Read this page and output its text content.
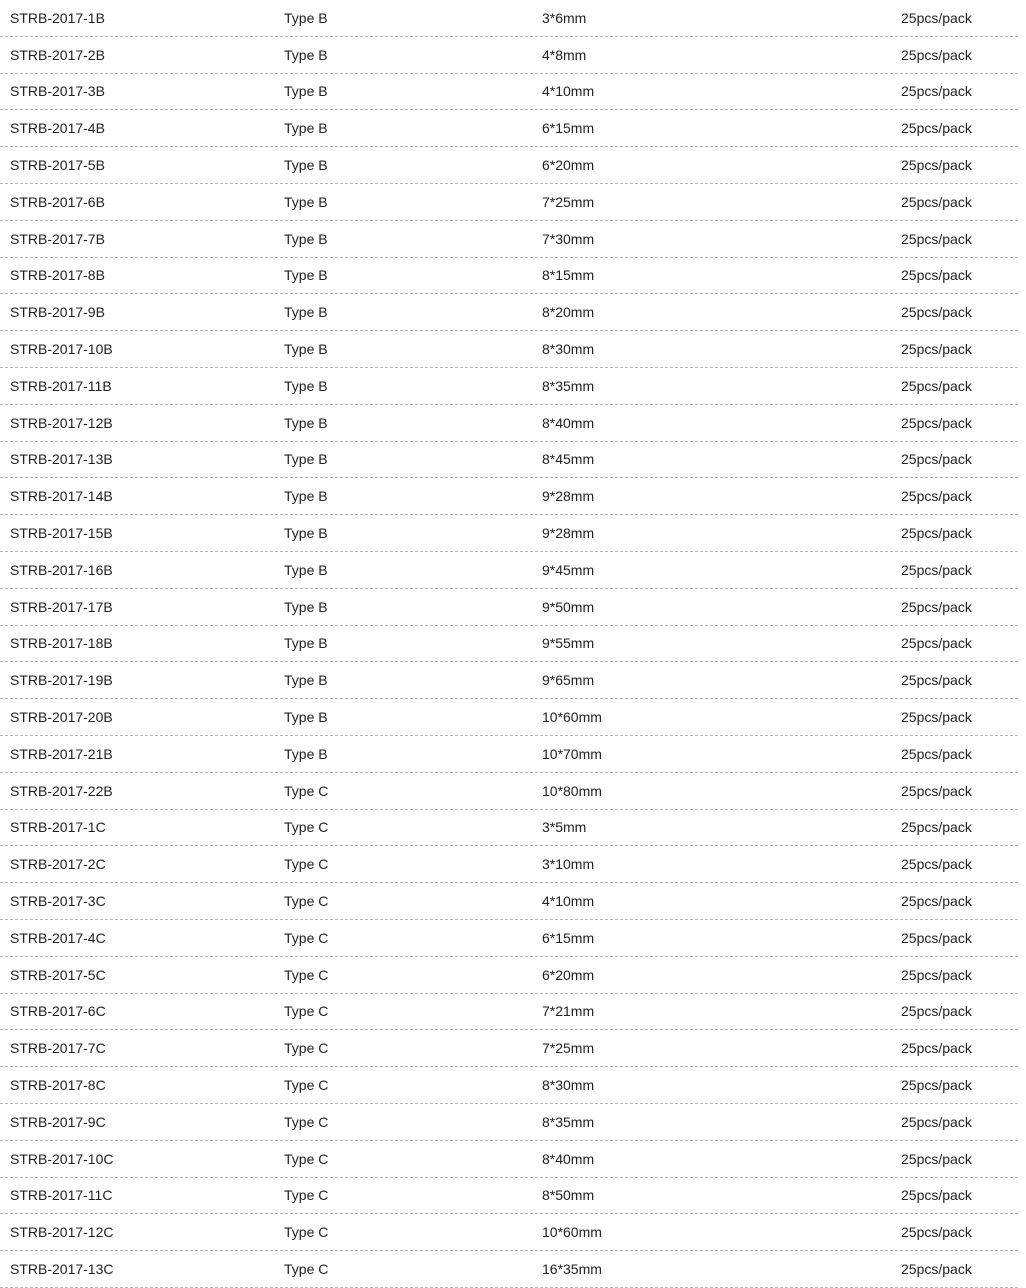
STRB-2017-1B	Type B	3*6mm	25pcs/pack
STRB-2017-2B	Type B	4*8mm	25pcs/pack
STRB-2017-3B	Type B	4*10mm	25pcs/pack
STRB-2017-4B	Type B	6*15mm	25pcs/pack
STRB-2017-5B	Type B	6*20mm	25pcs/pack
STRB-2017-6B	Type B	7*25mm	25pcs/pack
STRB-2017-7B	Type B	7*30mm	25pcs/pack
STRB-2017-8B	Type B	8*15mm	25pcs/pack
STRB-2017-9B	Type B	8*20mm	25pcs/pack
STRB-2017-10B	Type B	8*30mm	25pcs/pack
STRB-2017-11B	Type B	8*35mm	25pcs/pack
STRB-2017-12B	Type B	8*40mm	25pcs/pack
STRB-2017-13B	Type B	8*45mm	25pcs/pack
STRB-2017-14B	Type B	9*28mm	25pcs/pack
STRB-2017-15B	Type B	9*28mm	25pcs/pack
STRB-2017-16B	Type B	9*45mm	25pcs/pack
STRB-2017-17B	Type B	9*50mm	25pcs/pack
STRB-2017-18B	Type B	9*55mm	25pcs/pack
STRB-2017-19B	Type B	9*65mm	25pcs/pack
STRB-2017-20B	Type B	10*60mm	25pcs/pack
STRB-2017-21B	Type B	10*70mm	25pcs/pack
STRB-2017-22B	Type C	10*80mm	25pcs/pack
STRB-2017-1C	Type C	3*5mm	25pcs/pack
STRB-2017-2C	Type C	3*10mm	25pcs/pack
STRB-2017-3C	Type C	4*10mm	25pcs/pack
STRB-2017-4C	Type C	6*15mm	25pcs/pack
STRB-2017-5C	Type C	6*20mm	25pcs/pack
STRB-2017-6C	Type C	7*21mm	25pcs/pack
STRB-2017-7C	Type C	7*25mm	25pcs/pack
STRB-2017-8C	Type C	8*30mm	25pcs/pack
STRB-2017-9C	Type C	8*35mm	25pcs/pack
STRB-2017-10C	Type C	8*40mm	25pcs/pack
STRB-2017-11C	Type C	8*50mm	25pcs/pack
STRB-2017-12C	Type C	10*60mm	25pcs/pack
STRB-2017-13C	Type C	16*35mm	25pcs/pack
